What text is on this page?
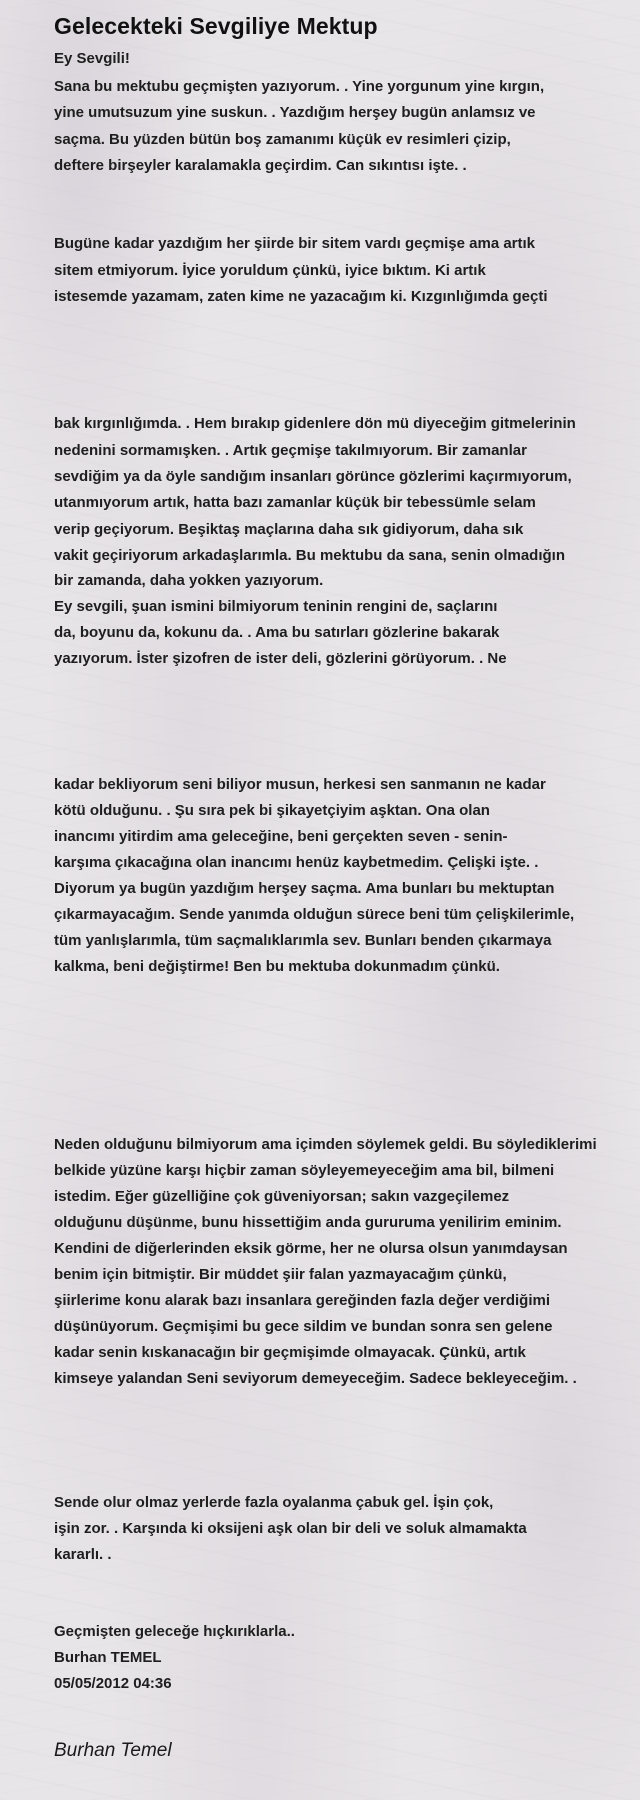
Gelecekteki Sevgiliye Mektup

Ey Sevgili!

Sana bu mektubu geçmişten yazıyorum. . Yine yorgunum yine kırgın,

yine umutsuzum yine suskun. . Yazdığım herşey bugün anlamsız ve

saçma. Bu yüzden bütün boş zamanımı küçük ev resimleri çizip,

deftere birşeyler karalamakla geçirdim. Can sıkıntısı işte. .

Bugüne kadar yazdığım her şiirde bir sitem vardı geçmişe ama artık

sitem etmiyorum. İyice yoruldum çünkü, iyice bıktım. Ki artık

istesemde yazamam, zaten kime ne yazacağım ki. Kızgınlığımda geçti

bak kırgınlığımda. . Hem bırakıp gidenlere dön mü diyeceğim gitmelerinin

nedenini sormamışken. . Artık geçmişe takılmıyorum. Bir zamanlar

sevdiğim ya da öyle sandığım insanları görünce gözlerimi kaçırmıyorum,

utanmıyorum artık, hatta bazı zamanlar küçük bir tebessümle selam

verip geçiyorum. Beşiktaş maçlarına daha sık gidiyorum, daha sık

vakit geçiriyorum arkadaşlarımla. Bu mektubu da sana, senin olmadığın

bir zamanda, daha yokken yazıyorum.

Ey sevgili, şuan ismini bilmiyorum teninin rengini de, saçlarını

da, boyunu da, kokunu da. . Ama bu satırları gözlerine bakarak

yazıyorum. İster şizofren de ister deli, gözlerini görüyorum. . Ne

kadar bekliyorum seni biliyor musun, herkesi sen sanmanın ne kadar

kötü olduğunu. . Şu sıra pek bi şikayetçiyim aşktan. Ona olan

inancımı yitirdim ama geleceğine, beni gerçekten seven - senin-

karşıma çıkacağına olan inancımı henüz kaybetmedim. Çelişki işte. .

Diyorum ya bugün yazdığım herşey saçma. Ama bunları bu mektuptan

çıkarmayacağım. Sende yanımda olduğun sürece beni tüm çelişkilerimle,

tüm yanlışlarımla, tüm saçmalıklarımla sev. Bunları benden çıkarmaya

kalkma, beni değiştirme! Ben bu mektuba dokunmadım çünkü.

Neden olduğunu bilmiyorum ama içimden söylemek geldi. Bu söylediklerimi

belkide yüzüne karşı hiçbir zaman söyleyemeyeceğim ama bil, bilmeni

istedim. Eğer güzelliğine çok güveniyorsan; sakın vazgeçilemez

olduğunu düşünme, bunu hissettiğim anda gururuma yenilirim eminim.

Kendini de diğerlerinden eksik görme, her ne olursa olsun yanımdaysan

benim için bitmiştir. Bir müddet şiir falan yazmayacağım çünkü,

şiirlerime konu alarak bazı insanlara gereğinden fazla değer verdiğimi

düşünüyorum. Geçmişimi bu gece sildim ve bundan sonra sen gelene

kadar senin kıskanacağın bir geçmişimde olmayacak. Çünkü, artık

kimseye yalandan Seni seviyorum demeyeceğim. Sadece bekleyeceğim. .

Sende olur olmaz yerlerde fazla oyalanma çabuk gel. İşin çok,

işin zor. . Karşında ki oksijeni aşk olan bir deli ve soluk almamakta

kararlı. .

Geçmişten geleceğe hıçkırıklarla..

Burhan TEMEL

05/05/2012 04:36

Burhan Temel
